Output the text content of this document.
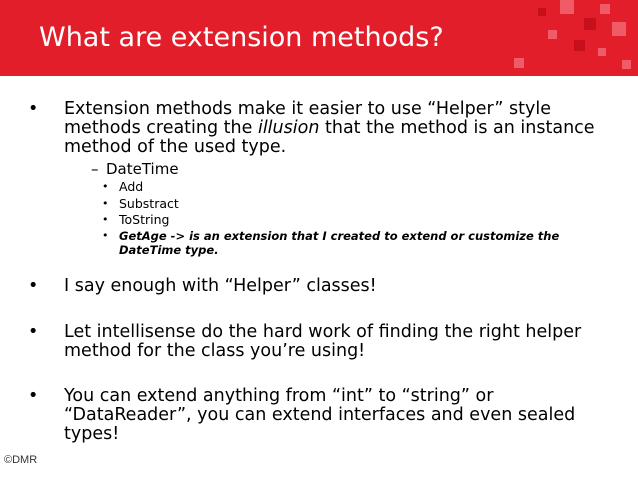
What are extension methods?
• Extension methods make it easier to use “Helper” style methods creating the illusion that the method is an instance method of the used type.
– DateTime
• Add
• Substract
• ToString
• GetAge -> is an extension that I created to extend or customize the DateTime type.
• I say enough with “Helper” classes!
• Let intellisense do the hard work of finding the right helper method for the class you’re using!
• You can extend anything from “int” to “string” or “DataReader”, you can extend interfaces and even sealed types!
©DMR
